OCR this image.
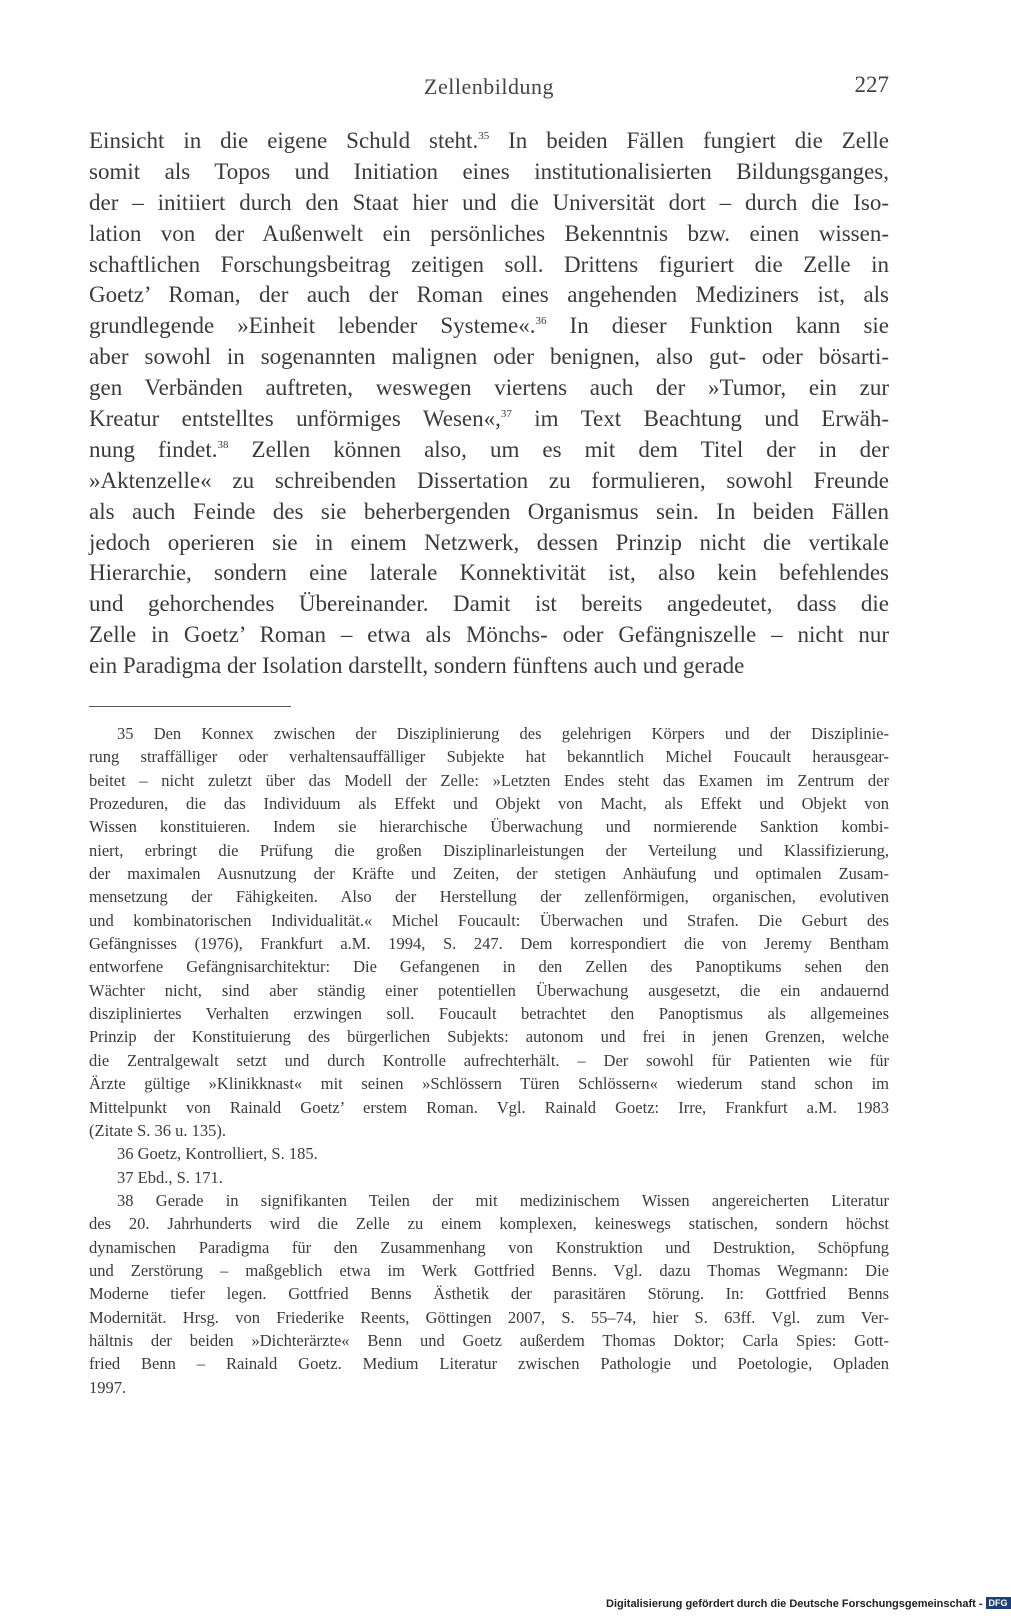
Zellenbildung	227
Einsicht in die eigene Schuld steht.$^{35}$ In beiden Fällen fungiert die Zelle
somit als Topos und Initiation eines institutionalisierten Bildungsganges,
der – initiiert durch den Staat hier und die Universität dort – durch die Iso-
lation von der Außenwelt ein persönliches Bekenntnis bzw. einen wissen-
schaftlichen Forschungsbeitrag zeitigen soll. Drittens figuriert die Zelle in
Goetz’ Roman, der auch der Roman eines angehenden Mediziners ist, als
grundlegende »Einheit lebender Systeme«.$^{36}$ In dieser Funktion kann sie
aber sowohl in sogenannten malignen oder benignen, also gut- oder bösarti-
gen Verbänden auftreten, weswegen viertens auch der »Tumor, ein zur
Kreatur entstelltes unförmiges Wesen«,$^{37}$ im Text Beachtung und Erwäh-
nung findet.$^{38}$ Zellen können also, um es mit dem Titel der in der
»Aktenzelle« zu schreibenden Dissertation zu formulieren, sowohl Freunde
als auch Feinde des sie beherbergenden Organismus sein. In beiden Fällen
jedoch operieren sie in einem Netzwerk, dessen Prinzip nicht die vertikale
Hierarchie, sondern eine laterale Konnektivität ist, also kein befehlendes
und gehorchendes Übereinander. Damit ist bereits angedeutet, dass die
Zelle in Goetz’ Roman – etwa als Mönchs- oder Gefängniszelle – nicht nur
ein Paradigma der Isolation darstellt, sondern fünftens auch und gerade
35 Den Konnex zwischen der Disziplinierung des gelehrigen Körpers und der Disziplinie-
rung straffälliger oder verhaltensauffälliger Subjekte hat bekanntlich Michel Foucault herausgear-
beitet – nicht zuletzt über das Modell der Zelle: »Letzten Endes steht das Examen im Zentrum der
Prozeduren, die das Individuum als Effekt und Objekt von Macht, als Effekt und Objekt von
Wissen konstituieren. Indem sie hierarchische Überwachung und normierende Sanktion kombi-
niert, erbringt die Prüfung die großen Disziplinarleistungen der Verteilung und Klassifizierung,
der maximalen Ausnutzung der Kräfte und Zeiten, der stetigen Anhäufung und optimalen Zusam-
mensetzung der Fähigkeiten. Also der Herstellung der zellenförmigen, organischen, evolutiven
und kombinatorischen Individualität.« Michel Foucault: Überwachen und Strafen. Die Geburt des
Gefängnisses (1976), Frankfurt a.M. 1994, S. 247. Dem korrespondiert die von Jeremy Bentham
entworfene Gefängnisarchitektur: Die Gefangenen in den Zellen des Panoptikums sehen den
Wächter nicht, sind aber ständig einer potentiellen Überwachung ausgesetzt, die ein andauernd
diszipliniertes Verhalten erzwingen soll. Foucault betrachtet den Panoptismus als allgemeines
Prinzip der Konstituierung des bürgerlichen Subjekts: autonom und frei in jenen Grenzen, welche
die Zentralgewalt setzt und durch Kontrolle aufrechterhält. – Der sowohl für Patienten wie für
Ärzte gültige »Klinikknast« mit seinen »Schlössern Türen Schlössern« wiederum stand schon im
Mittelpunkt von Rainald Goetz’ erstem Roman. Vgl. Rainald Goetz: Irre, Frankfurt a.M. 1983
(Zitate S. 36 u. 135).
36 Goetz, Kontrolliert, S. 185.
37 Ebd., S. 171.
38 Gerade in signifikanten Teilen der mit medizinischem Wissen angereicherten Literatur
des 20. Jahrhunderts wird die Zelle zu einem komplexen, keineswegs statischen, sondern höchst
dynamischen Paradigma für den Zusammenhang von Konstruktion und Destruktion, Schöpfung
und Zerstörung – maßgeblich etwa im Werk Gottfried Benns. Vgl. dazu Thomas Wegmann: Die
Moderne tiefer legen. Gottfried Benns Ästhetik der parasitären Störung. In: Gottfried Benns
Modernität. Hrsg. von Friederike Reents, Göttingen 2007, S. 55–74, hier S. 63ff. Vgl. zum Ver-
hältnis der beiden »Dichterärzte« Benn und Goetz außerdem Thomas Doktor; Carla Spies: Gott-
fried Benn – Rainald Goetz. Medium Literatur zwischen Pathologie und Poetologie, Opladen
1997.
Digitalisierung gefördert durch die Deutsche Forschungsgemeinschaft - DFG
